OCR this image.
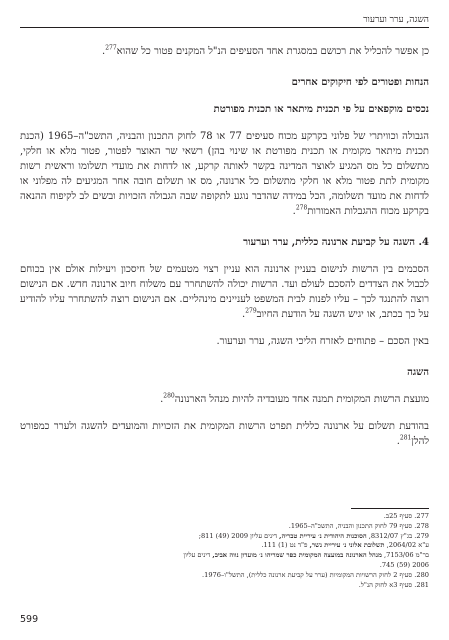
השגה, ערר וערעור

כן אפשר להכליל את רכושם במסגרת אחד הסעיפים הנ"ל המקנים פטור כל שהוא$^{277}$.

הנחות ופטורים לפי חיקוקים אחרים

נכסים מוקפאים על פי תכנית מיתאר או תכנית מפורטת

הגבולה וכוויתרי של פלוני בקרקע מכוח סעיפים 77 או 78 לחוק התכנון והבניה, התשכ"ה–1965 (הכנת תכנית מיתאר מקומית או תכנית מפורטת או שינוי בהן) רשאי שר האוצר לפטור, פטור מלא או חלקי, מתשלום כל מס המגיע לאוצר המדינה בקשר לאותה קרקע, או לדחות את מועדי תשלומו וראשית רשות מקומית לתת פטור מלא או חלקי מתשלום כל ארנונה, מס או תשלום חובה אחר המגיעים לה מפלוני או לדחות את מועד תשלומה, הכל במידה שהדבר נוגע לתקופה שבה הגבולה הזכויות ובשים לב לקיפוח ההנאה בקרקע מכוח ההגבלות האמורות$^{278}$.

4. השגה על קביעת ארנונה כללית, ערר וערעור

הסכמים בין הרשות לנישום בעניין ארנונה הוא עניין רצוי מטעמים של חיסכון ויעילות אולם אין בכוחם לכבול את הצדדים להסכם לעולם ועד. הרשות יכולה להשתחרר עם משלוח חיוב ארנונה חדש. אם הנישום רוצה להתנגד לכך – עליו לפנות לבית המשפט לעניינים מינהליים. אם הנישום רוצה להשתחרר עליו להודיע על כך בכתב, או יגיש השגה על הודעת החיוב$^{279}$.

באין הסכם – פתוחים לאזרח הליכי השגה, ערר וערעור.

השגה

מועצת הרשות המקומית תמנה אחד מעובדיה להיות מנהל הארנונה$^{280}$.

בהודעת תשלום על ארנונה כללית תפרט הרשות המקומית את הזכויות והמועדים להשגה ולערר כמפורט להלן$^{281}$.

277. סעיף 25ב.

278. סעיף 79 לחוק התכנון והבניה, התשכ"ה–1965.

279. בג"ץ 8312/07, הסוכנות היהודית נ׳ עיריית טבריה, דינים עליון 2009 (49) 811;

ע"א 2064/02, תשלובת אלוני נ׳ עיריית נשר, פ"ד נט (1) 111.

בר"מ 7153/06, מנהל הארנונה במועצה המקומית כפר שמריהו נ׳ מועדון נווה אביב, דינים עליון

2006 (59) 745.

280. סעיף 2 לחוק הרשויות המקומיות (ערר על קביעת ארנונה כללית), התשל"ו–1976.

281. סעיף 3א לחוק הנ"ל.

599
